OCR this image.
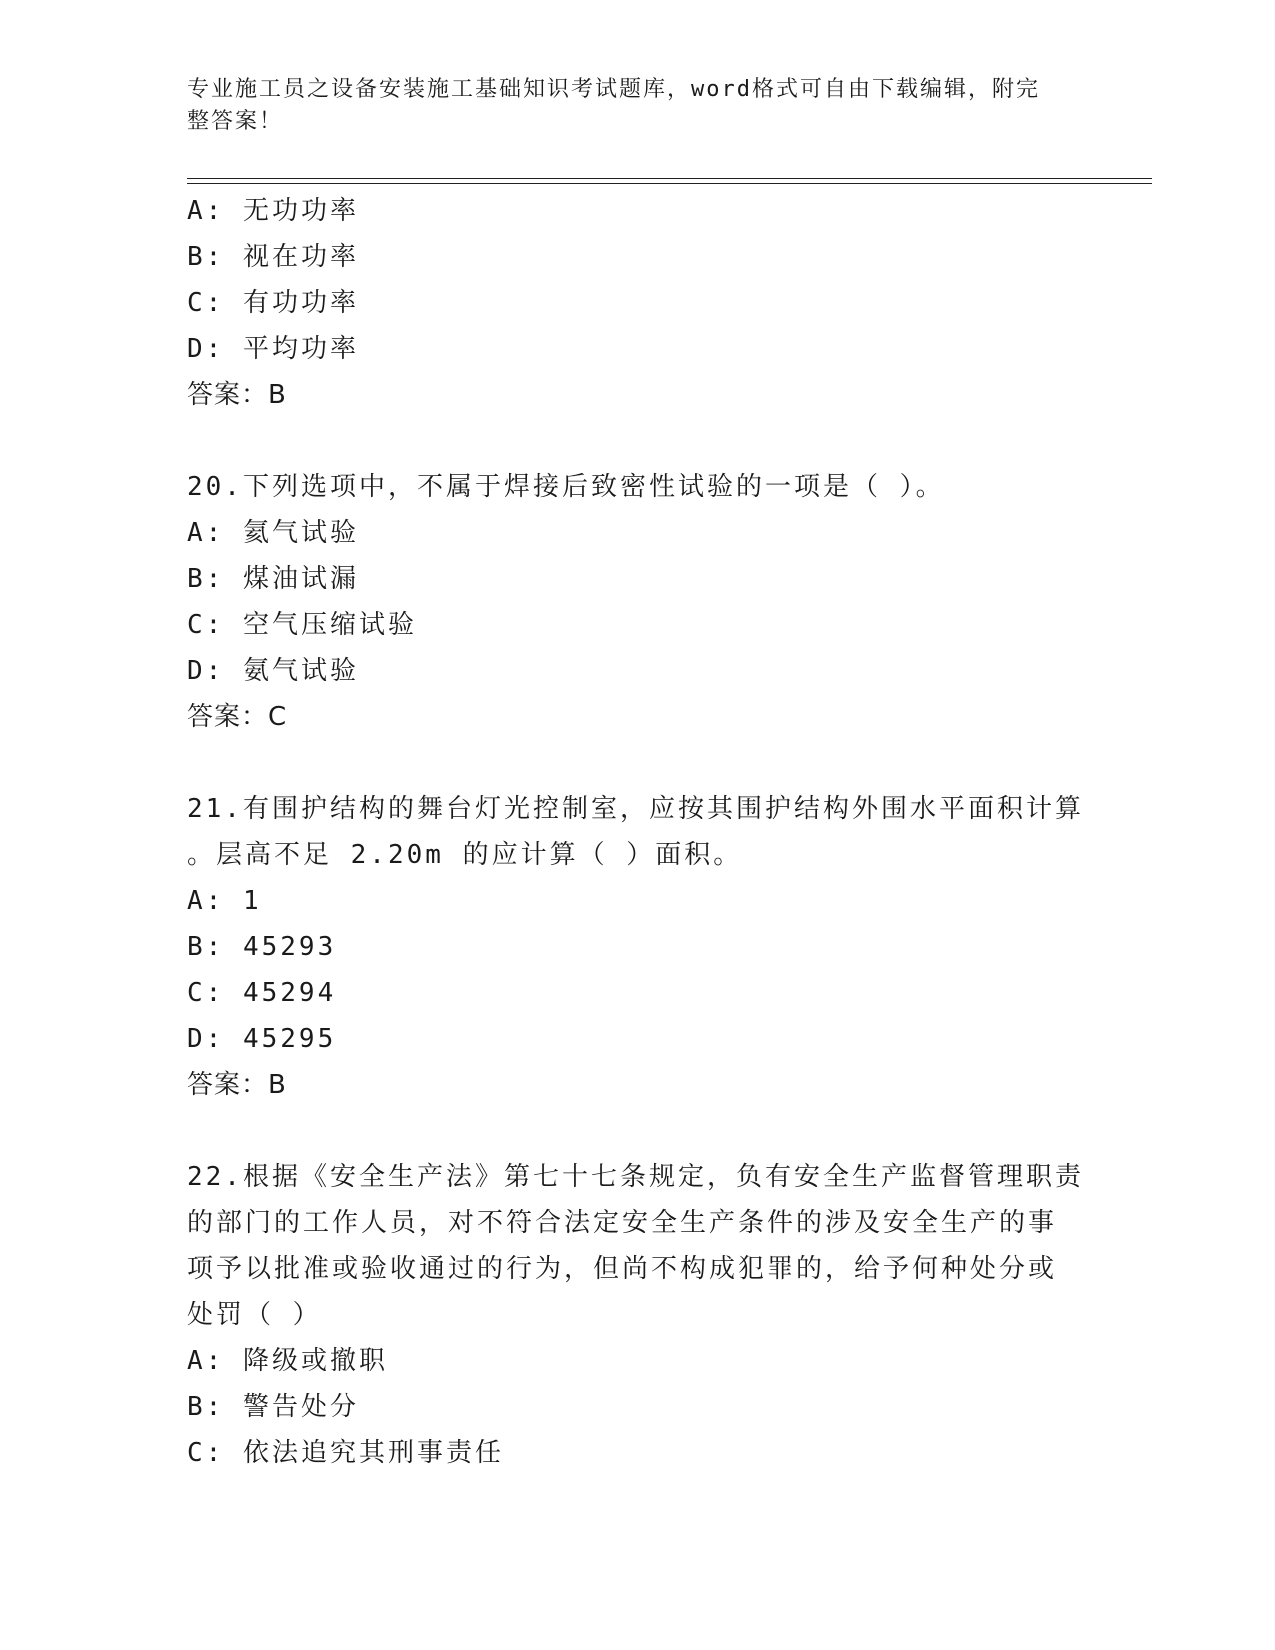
专业施工员之设备安装施工基础知识考试题库，word格式可自由下载编辑，附完
整答案！
A: 无功功率
B: 视在功率
C: 有功功率
D: 平均功率
答案：B
20.下列选项中，不属于焊接后致密性试验的一项是（ ）。
A: 氦气试验
B: 煤油试漏
C: 空气压缩试验
D: 氨气试验
答案：C
21.有围护结构的舞台灯光控制室，应按其围护结构外围水平面积计算
。层高不足 2.20m 的应计算（ ）面积。
A: 1
B: 45293
C: 45294
D: 45295
答案：B
22.根据《安全生产法》第七十七条规定，负有安全生产监督管理职责
的部门的工作人员，对不符合法定安全生产条件的涉及安全生产的事
项予以批准或验收通过的行为，但尚不构成犯罪的，给予何种处分或
处罚（ ）
A: 降级或撤职
B: 警告处分
C: 依法追究其刑事责任
